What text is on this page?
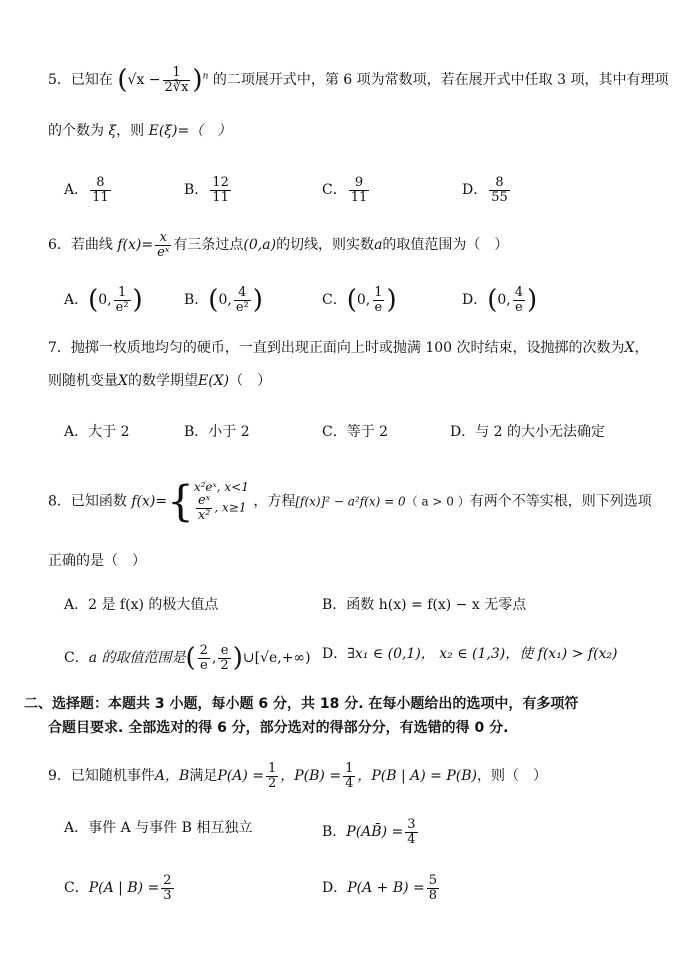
5．已知在 $(√x - \frac{1}{2∛x} )^n$ 的二项展开式中，第 6 项为常数项，若在展开式中任取 3 项，其中有理项
的个数为 ξ，则 E(ξ)=（　）
A． $\frac{8}{11}$	B． $\frac{12}{11}$	C． $\frac{9}{11}$	D． $\frac{8}{55}$
6．若曲线 $f(x)= \frac{x}{\text{eˣ}}$ 有三条过点(0,a)的切线，则实数a的取值范围为（　）
A．(0, $\frac{1}{\text{e²}}$ )	B．(0, $\frac{4}{\text{e²}}$ )	C．(0, $\frac{1}{e}$ )	D．(0, $\frac{4}{e}$ )
7．抛掷一枚质地均匀的硬币，一直到出现正面向上时或抛满 100 次时结束，设抛掷的次数为X，
则随机变量X的数学期望E(X)（　）
A．大于 2	B．小于 2	C．等于 2	D．与 2 的大小无法确定
8．已知函数 f(x)={ x²eˣ, x<1
$\frac{\text{eˣ}}{\text{x²}}$ , x≥1 ，方程[f(x)]² − a²f(x) = 0（ a > 0 ）有两个不等实根，则下列选项
正确的是（　）
A．2 是 f(x) 的极大值点	B．函数 h(x) = f(x) − x 无零点
C．a 的取值范围是( $\frac{2}{e}$ , $\frac{e}{2}$ )∪[√e,+∞) D．∃x₁ ∈ (0,1)， x₂ ∈ (1,3)，使 f(x₁) > f(x₂)
二、选择题：本题共 3 小题，每小题 6 分，共 18 分. 在每小题给出的选项中，有多项符
合题目要求. 全部选对的得 6 分，部分选对的得部分分，有选错的得 0 分.
9．已知随机事件A，B满足$P(A) = \frac{1}{2}$ ，$P(B) = \frac{1}{4}$ ，P(B | A) = P(B)，则（　）
A．事件 A 与事件 B 相互独立	B．P(AB̄) = $\frac{3}{4}$
C．P(A | $B) = \frac{2}{3}$	D．$P(A + B) = \frac{5}{8}$
